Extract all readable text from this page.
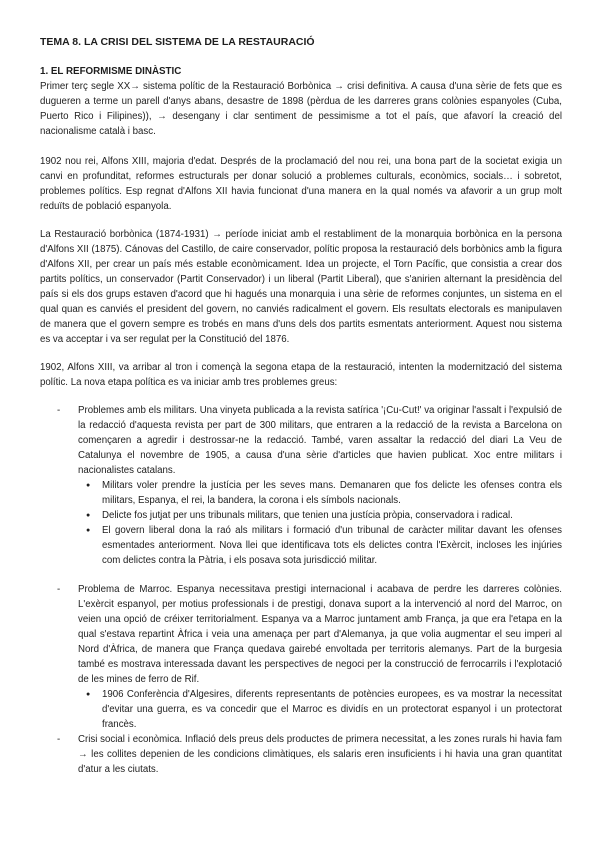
TEMA 8. LA CRISI DEL SISTEMA DE LA RESTAURACIÓ
1. EL REFORMISME DINÀSTIC

Primer terç segle XX→ sistema polític de la Restauració Borbònica → crisi definitiva. A causa d'una sèrie de fets que es dugueren a terme un parell d'anys abans, desastre de 1898 (pèrdua de les darreres grans colònies espanyoles (Cuba, Puerto Rico i Filipines)), → desengany i clar sentiment de pessimisme a tot el país, que afavorí la creació del nacionalisme català i basc.

1902 nou rei, Alfons XIII, majoria d'edat. Després de la proclamació del nou rei, una bona part de la societat exigia un canvi en profunditat, reformes estructurals per donar solució a problemes culturals, econòmics, socials… i sobretot, problemes polítics. Esp regnat d'Alfons XII havia funcionat d'una manera en la qual només va afavorir a un grup molt reduïts de població espanyola.

La Restauració borbònica (1874-1931) → període iniciat amb el restabliment de la monarquia borbònica en la persona d'Alfons XII (1875). Cánovas del Castillo, de caire conservador, polític proposa la restauració dels borbònics amb la figura d'Alfons XII, per crear un país més estable econòmicament. Idea un projecte, el Torn Pacífic, que consistia a crear dos partits polítics, un conservador (Partit Conservador) i un liberal (Partit Liberal), que s'anirien alternant la presidència del país si els dos grups estaven d'acord que hi hagués una monarquia i una sèrie de reformes conjuntes, un sistema en el qual quan es canviés el president del govern, no canviés radicalment el govern. Els resultats electorals es manipulaven de manera que el govern sempre es trobés en mans d'uns dels dos partits esmentats anteriorment. Aquest nou sistema es va acceptar i va ser regulat per la Constitució del 1876.

1902, Alfons XIII, va arribar al tron i començà la segona etapa de la restauració, intenten la modernització del sistema polític. La nova etapa política es va iniciar amb tres problemes greus:

- Problemes amb els militars. Una vinyeta publicada a la revista satírica '¡Cu-Cut!' va originar l'assalt i l'expulsió de la redacció d'aquesta revista per part de 300 militars, que entraren a la redacció de la revista a Barcelona on començaren a agredir i destrossar-ne la redacció. També, varen assaltar la redacció del diari La Veu de Catalunya el novembre de 1905, a causa d'una sèrie d'articles que havien publicat. Xoc entre militars i nacionalistes catalans.
● Militars voler prendre la justícia per les seves mans. Demanaren que fos delicte les ofenses contra els militars, Espanya, el rei, la bandera, la corona i els símbols nacionals.
● Delicte fos jutjat per uns tribunals militars, que tenien una justícia pròpia, conservadora i radical.
● El govern liberal dona la raó als militars i formació d'un tribunal de caràcter militar davant les ofenses esmentades anteriorment. Nova llei que identificava tots els delictes contra l'Exèrcit, incloses les injúries com delictes contra la Pàtria, i els posava sota jurisdicció militar.
- Problema de Marroc. Espanya necessitava prestigi internacional i acabava de perdre les darreres colònies. L'exèrcit espanyol, per motius professionals i de prestigi, donava suport a la intervenció al nord del Marroc, on veien una opció de créixer territorialment. Espanya va a Marroc juntament amb França, ja que era l'etapa en la qual s'estava repartint Àfrica i veia una amenaça per part d'Alemanya, ja que volia augmentar el seu imperi al Nord d'Àfrica, de manera que França quedava gairebé envoltada per territoris alemanys. Part de la burgesia també es mostrava interessada davant les perspectives de negoci per la construcció de ferrocarrils i l'explotació de les mines de ferro de Rif.
● 1906 Conferència d'Algesires, diferents representants de potències europees, es va mostrar la necessitat d'evitar una guerra, es va concedir que el Marroc es dividís en un protectorat espanyol i un protectorat francès.
- Crisi social i econòmica. Inflació dels preus dels productes de primera necessitat, a les zones rurals hi havia fam → les collites depenien de les condicions climàtiques, els salaris eren insuficients i hi havia una gran quantitat d'atur a les ciutats.
